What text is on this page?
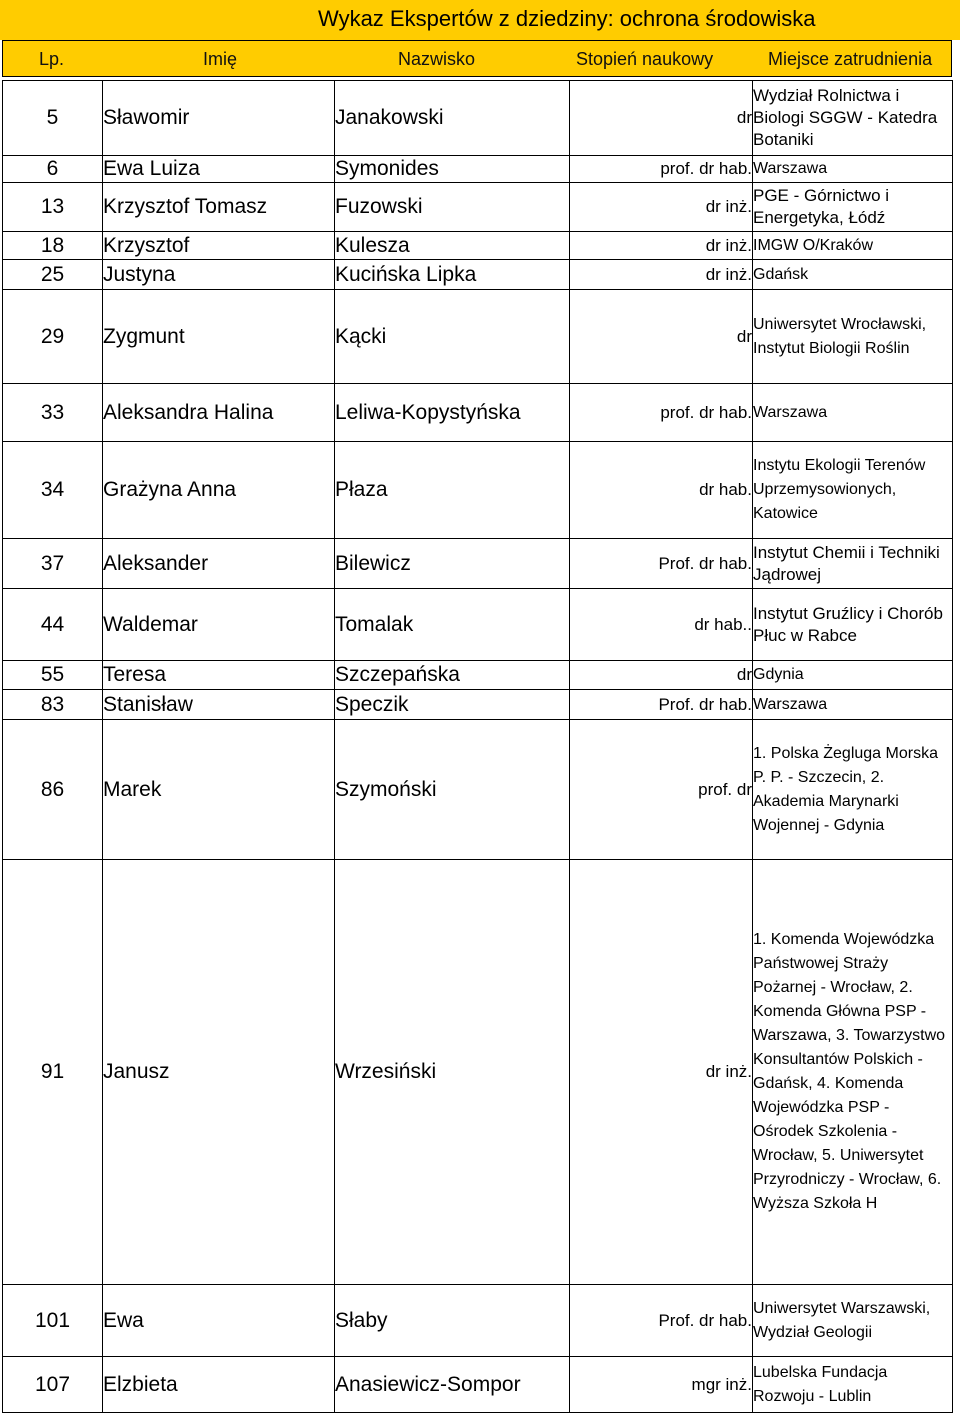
Wykaz Ekspertów z dziedziny: ochrona środowiska
Lp.	Imię	Nazwisko	Stopień naukowy	Miejsce zatrudnienia
5	Sławomir	Janakowski	dr	Wydział Rolnictwa i Biologi SGGW - Katedra Botaniki
6	Ewa Luiza	Symonides	prof. dr hab.	Warszawa
13	Krzysztof Tomasz	Fuzowski	dr inż.	PGE - Górnictwo i Energetyka, Łódź
18	Krzysztof	Kulesza	dr inż.	IMGW O/Kraków
25	Justyna	Kucińska Lipka	dr inż.	Gdańsk
29	Zygmunt	Kącki	dr	Uniwersytet Wrocławski, Instytut Biologii Roślin
33	Aleksandra Halina	Leliwa-Kopystyńska	prof. dr hab.	Warszawa
34	Grażyna Anna	Płaza	dr hab.	Instytu Ekologii Terenów Uprzemysowionych, Katowice
37	Aleksander	Bilewicz	Prof. dr hab.	Instytut Chemii i Techniki Jądrowej
44	Waldemar	Tomalak	dr hab..	Instytut Gruźlicy i Chorób Płuc w Rabce
55	Teresa	Szczepańska	dr	Gdynia
83	Stanisław	Speczik	Prof. dr hab.	Warszawa
86	Marek	Szymoński	prof. dr	1. Polska Żegluga Morska P. P. - Szczecin, 2. Akademia Marynarki Wojennej - Gdynia
91	Janusz	Wrzesiński	dr inż.	1. Komenda Wojewódzka Państwowej Straży Pożarnej - Wrocław, 2. Komenda Główna PSP - Warszawa, 3. Towarzystwo Konsultantów Polskich - Gdańsk, 4. Komenda Wojewódzka PSP - Ośrodek Szkolenia - Wrocław, 5. Uniwersytet Przyrodniczy - Wrocław, 6. Wyższa Szkoła H
101	Ewa	Słaby	Prof. dr hab.	Uniwersytet Warszawski, Wydział Geologii
107	Elzbieta	Anasiewicz-Sompor	mgr inż.	Lubelska Fundacja Rozwoju - Lublin
